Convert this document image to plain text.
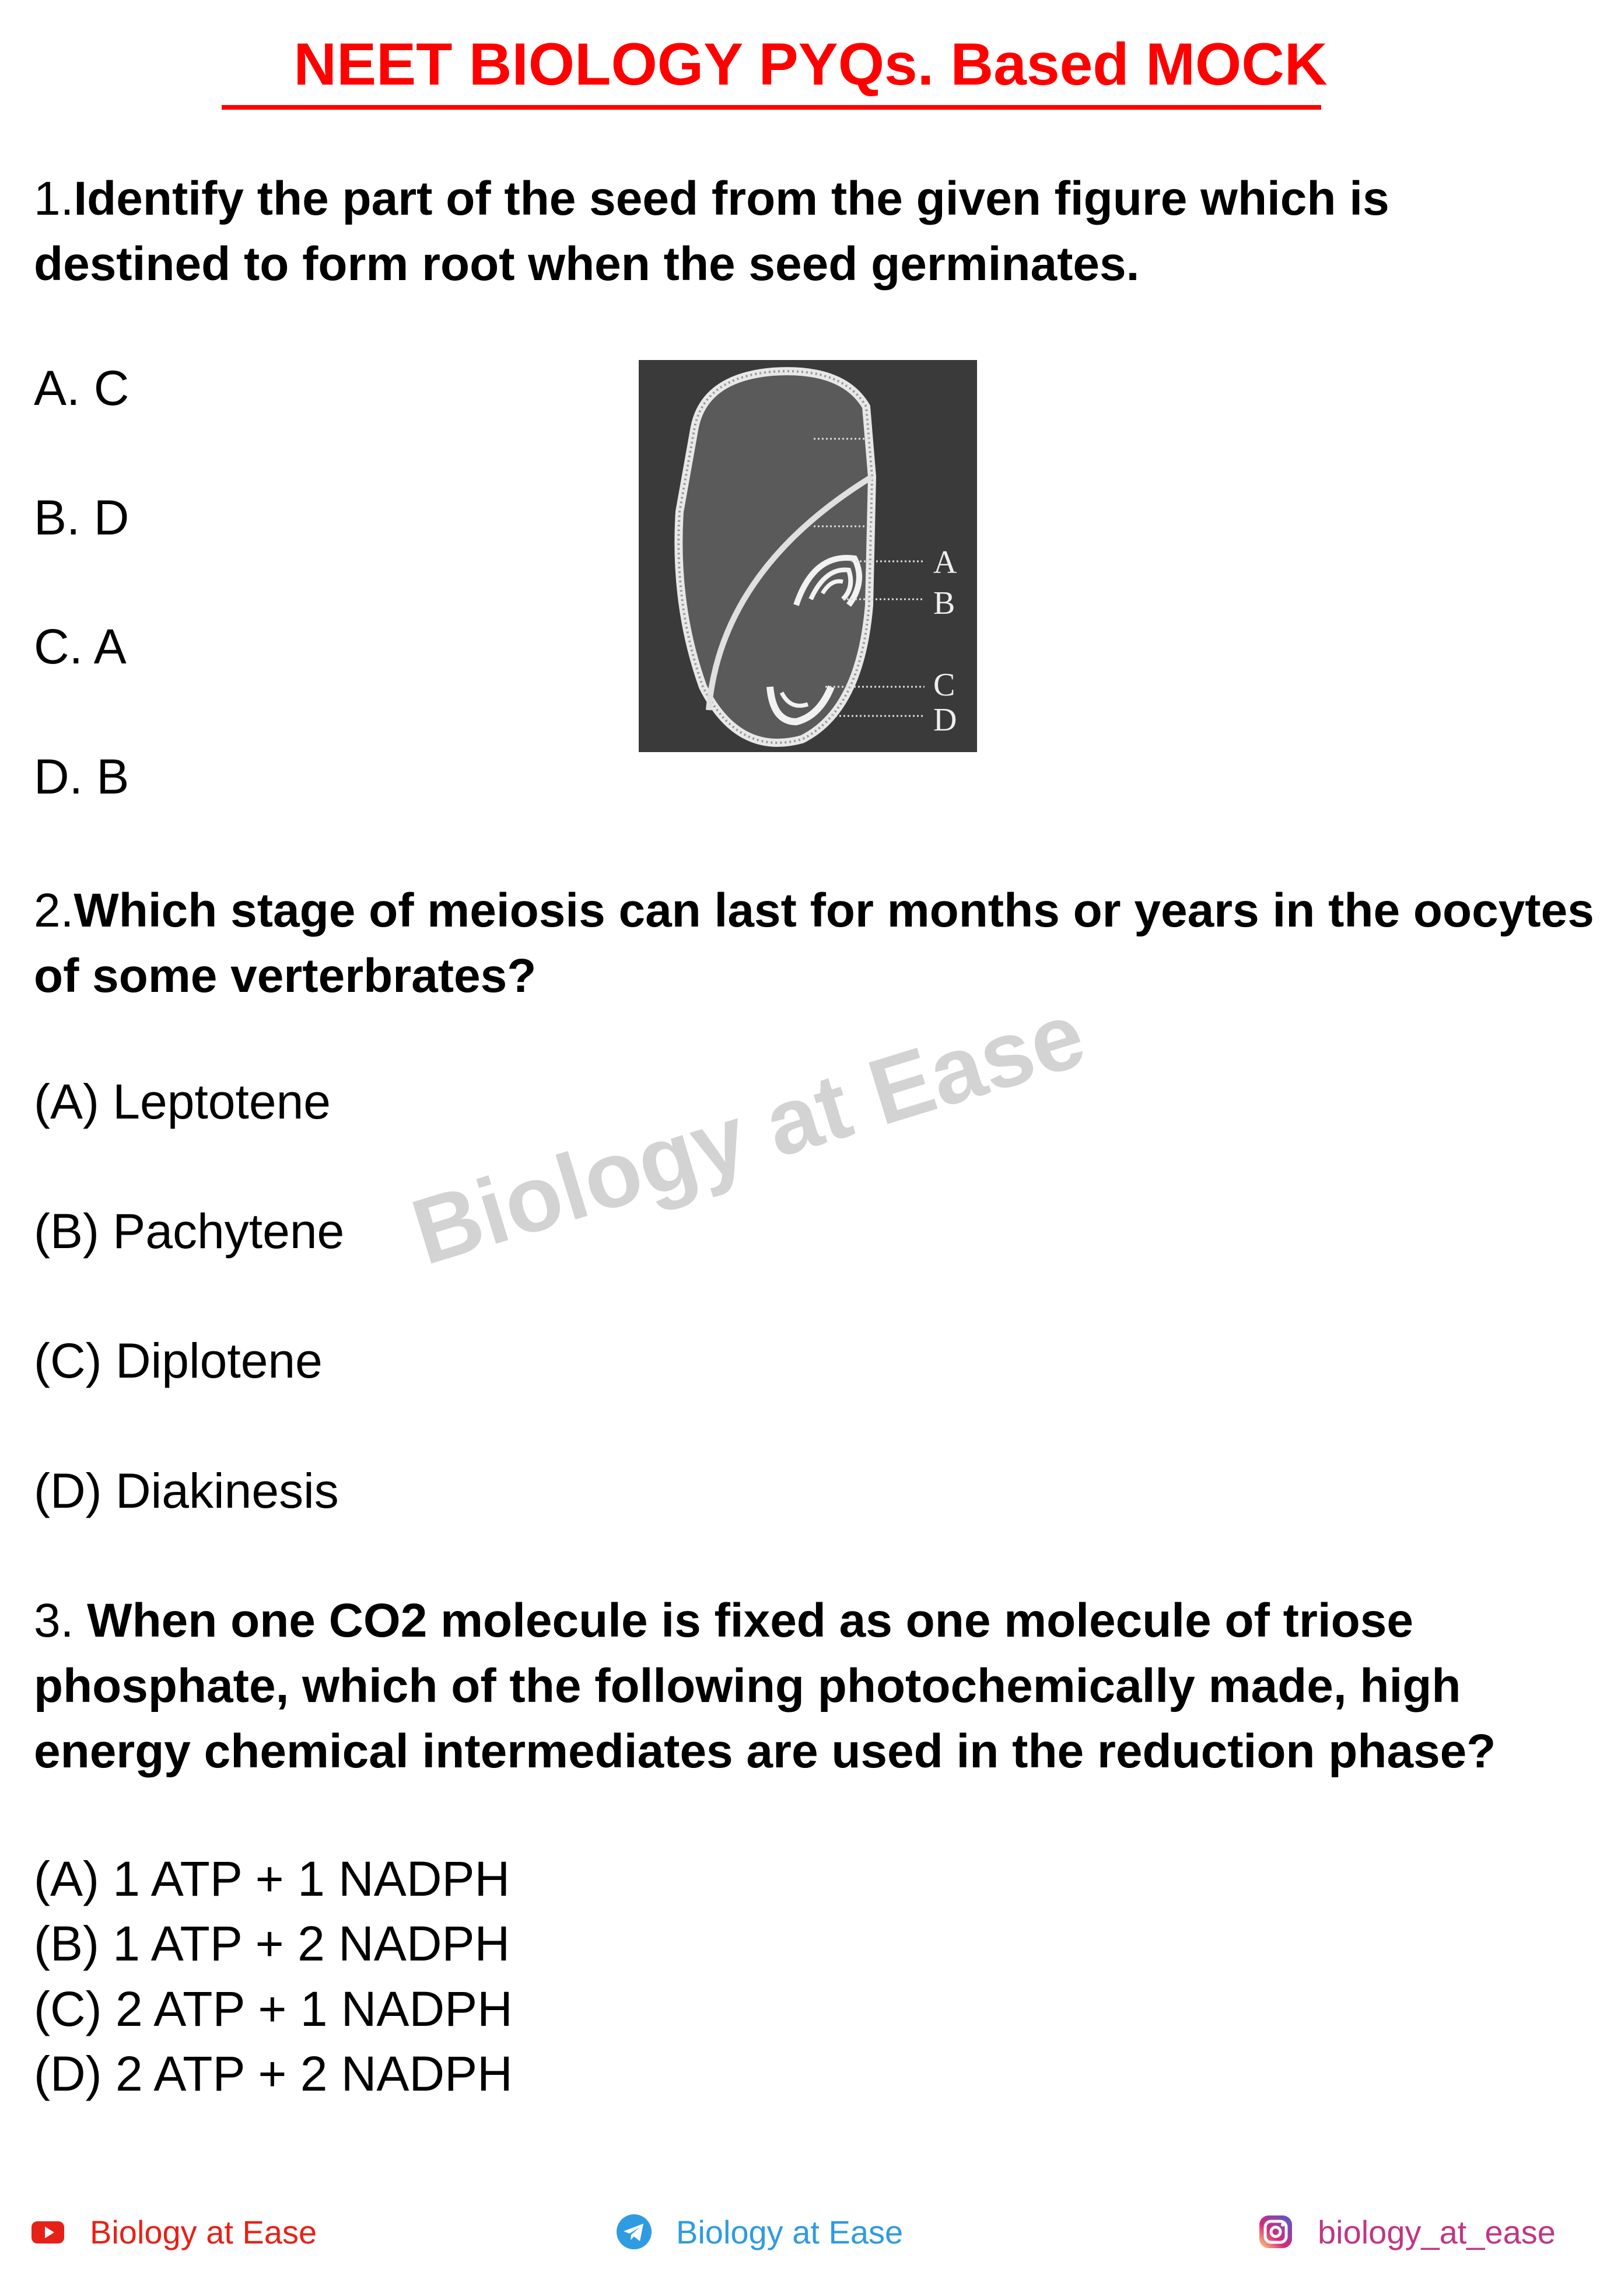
NEET BIOLOGY PYQs. Based MOCK
1.Identify the part of the seed from the given figure which is destined to form root when the seed germinates.
A. C
B. D
C. A
D. B
A
B
C
D
2.Which stage of meiosis can last for months or years in the oocytes of some verterbrates?
(A) Leptotene
(B) Pachytene
(C) Diplotene
(D) Diakinesis
Biology at Ease
3. When one CO2 molecule is fixed as one molecule of triose phosphate, which of the following photochemically made, high energy chemical intermediates are used in the reduction phase?
(A) 1 ATP + 1 NADPH
(B) 1 ATP + 2 NADPH
(C) 2 ATP + 1 NADPH
(D) 2 ATP + 2 NADPH
Biology at Ease	Biology at Ease	biology_at_ease
